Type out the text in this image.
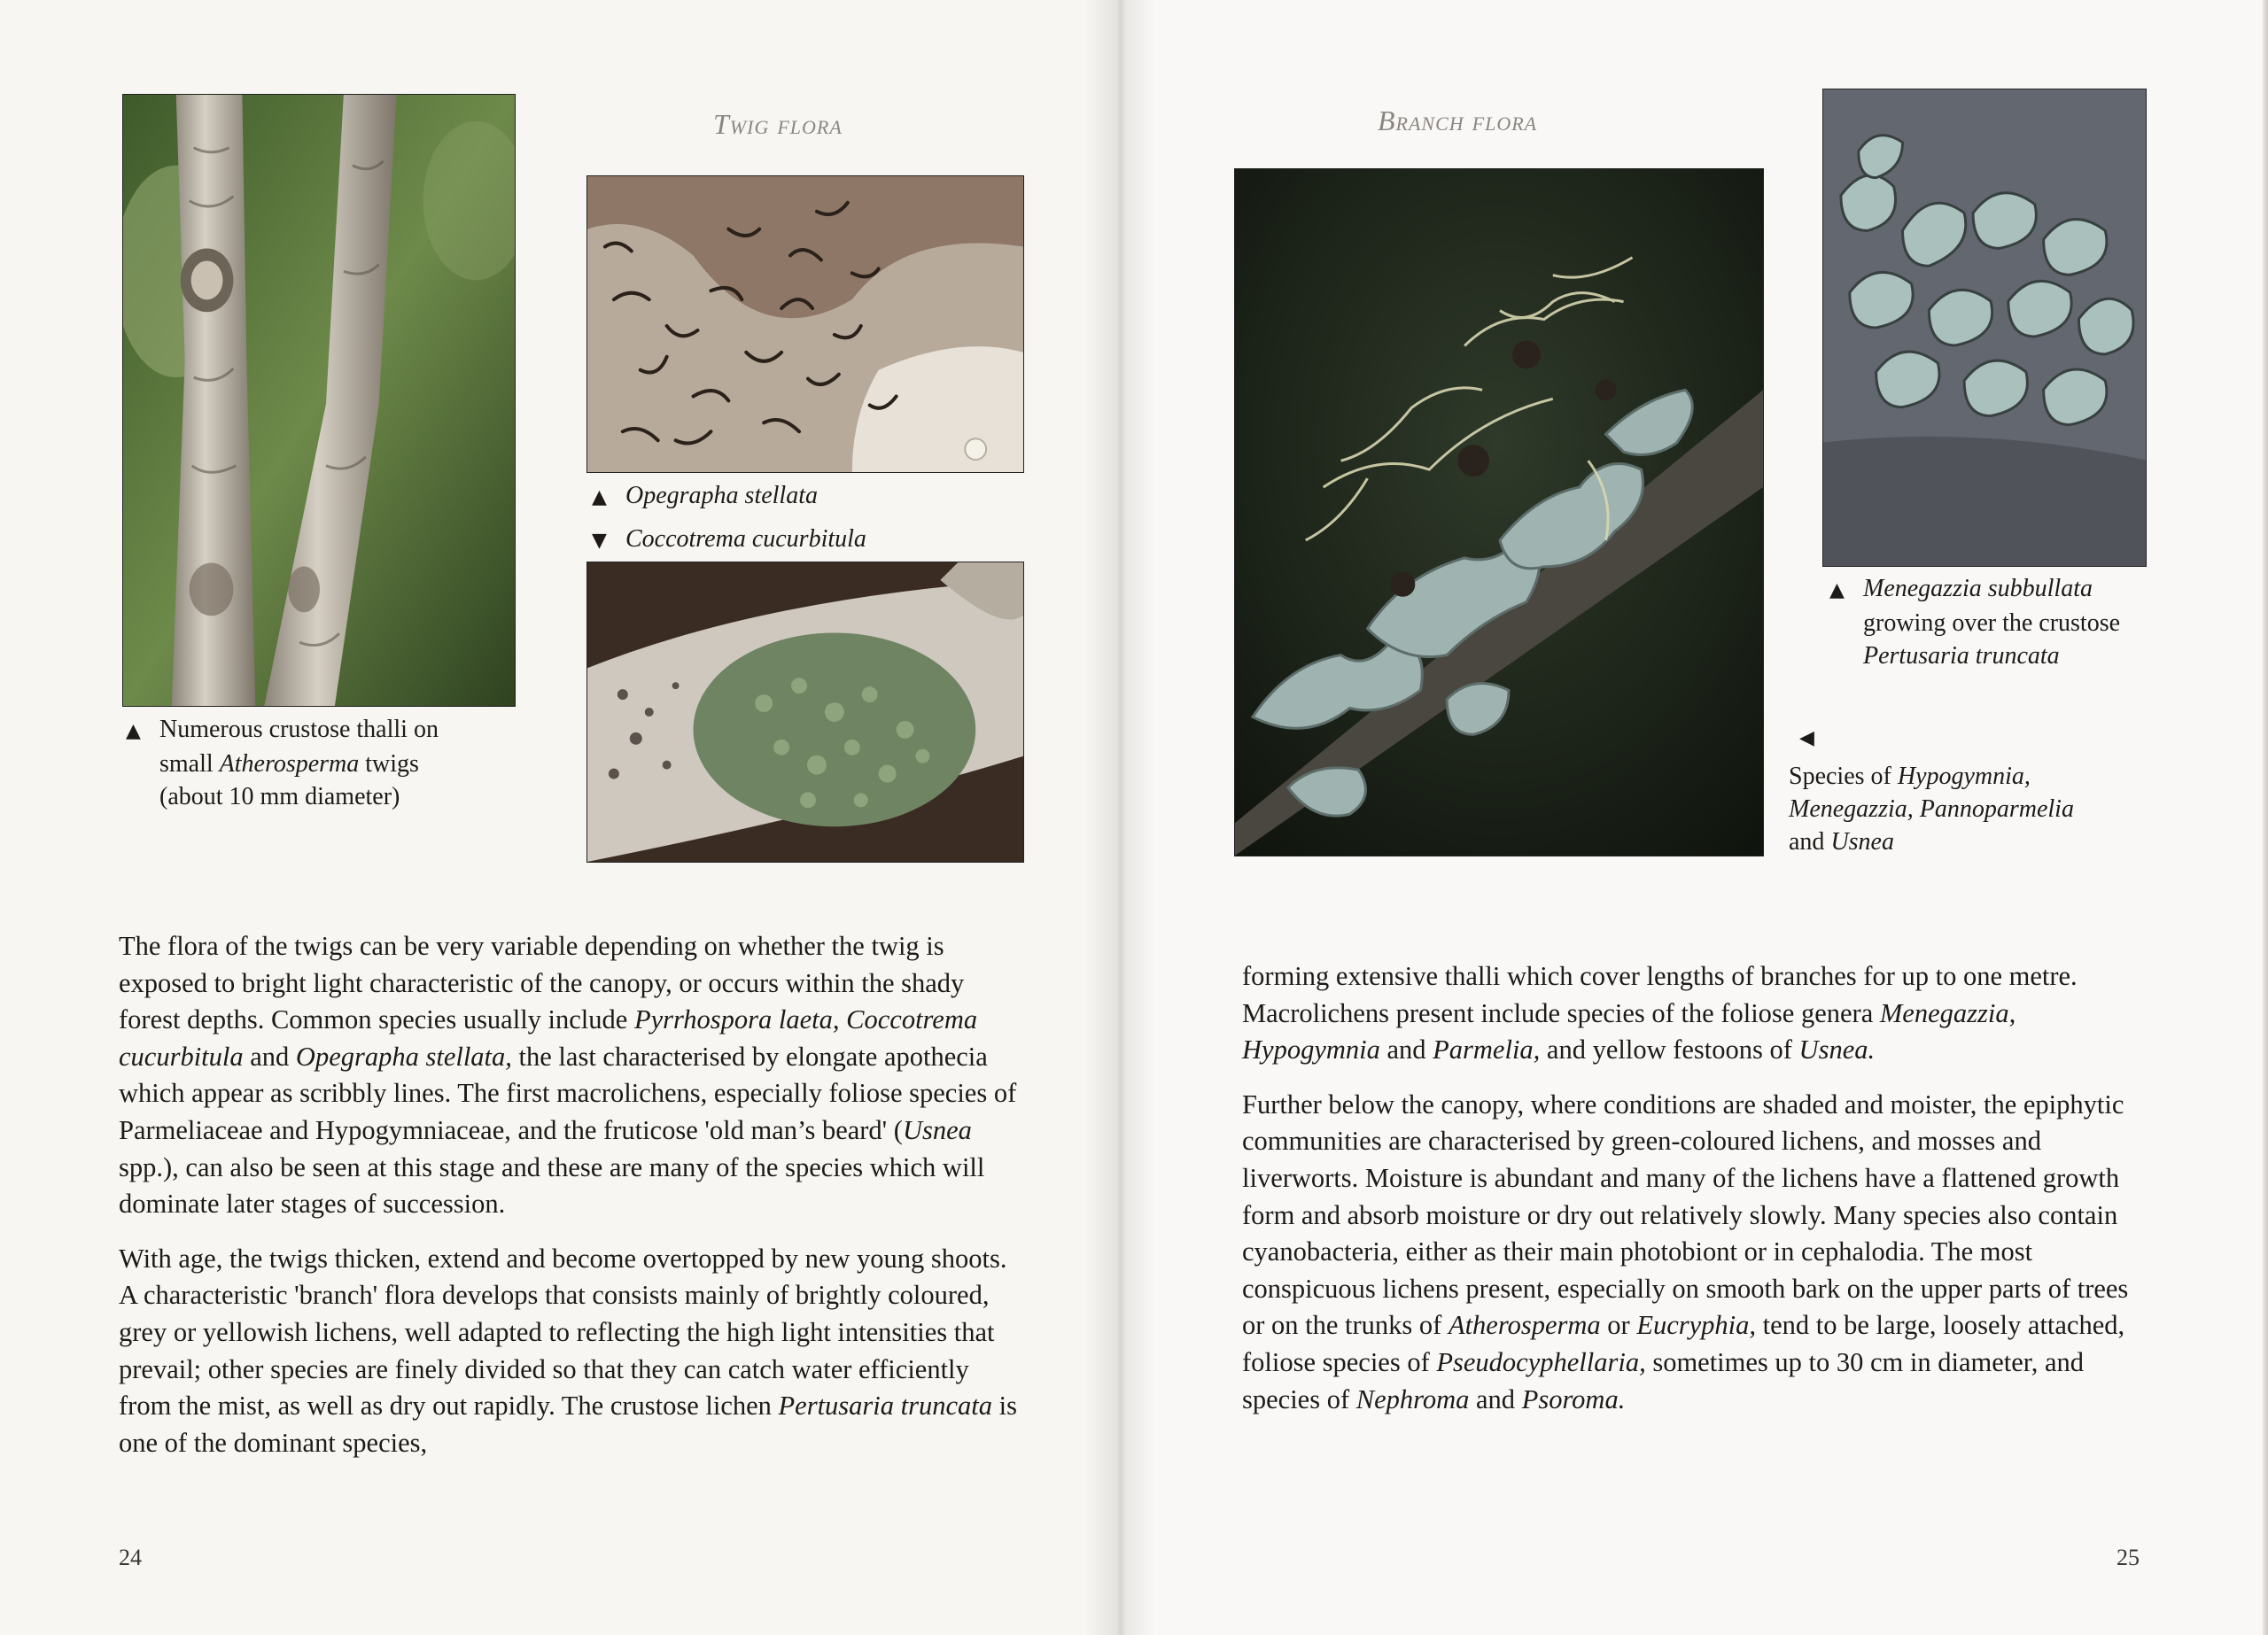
Twig flora
▲ Opegrapha stellata
▼ Coccotrema cucurbitula
▲ Numerous crustose thalli on
small Atherosperma twigs
(about 10 mm diameter)

The flora of the twigs can be very variable depending on whether the twig is exposed to bright light characteristic of the canopy, or occurs within the shady forest depths. Common species usually include Pyrrhospora laeta, Coccotrema cucurbitula and Opegrapha stellata, the last characterised by elongate apothecia which appear as scribbly lines. The first macrolichens, especially foliose species of Parmeliaceae and Hypogymniaceae, and the fruticose 'old man’s beard' (Usnea spp.), can also be seen at this stage and these are many of the species which will dominate later stages of succession.

With age, the twigs thicken, extend and become overtopped by new young shoots. A characteristic 'branch' flora develops that consists mainly of brightly coloured, grey or yellowish lichens, well adapted to reflecting the high light intensities that prevail; other species are finely divided so that they can catch water efficiently from the mist, as well as dry out rapidly. The crustose lichen Pertusaria truncata is one of the dominant species,

24
Branch flora
▲ Menegazzia subbullata
growing over the crustose
Pertusaria truncata
◀
Species of Hypogymnia,
Menegazzia, Pannoparmelia
and Usnea

forming extensive thalli which cover lengths of branches for up to one metre. Macrolichens present include species of the foliose genera Menegazzia, Hypogymnia and Parmelia, and yellow festoons of Usnea.

Further below the canopy, where conditions are shaded and moister, the epiphytic communities are characterised by green-coloured lichens, and mosses and liverworts. Moisture is abundant and many of the lichens have a flattened growth form and absorb moisture or dry out relatively slowly. Many species also contain cyanobacteria, either as their main photobiont or in cephalodia. The most conspicuous lichens present, especially on smooth bark on the upper parts of trees or on the trunks of Atherosperma or Eucryphia, tend to be large, loosely attached, foliose species of Pseudocyphellaria, sometimes up to 30 cm in diameter, and species of Nephroma and Psoroma.

25
